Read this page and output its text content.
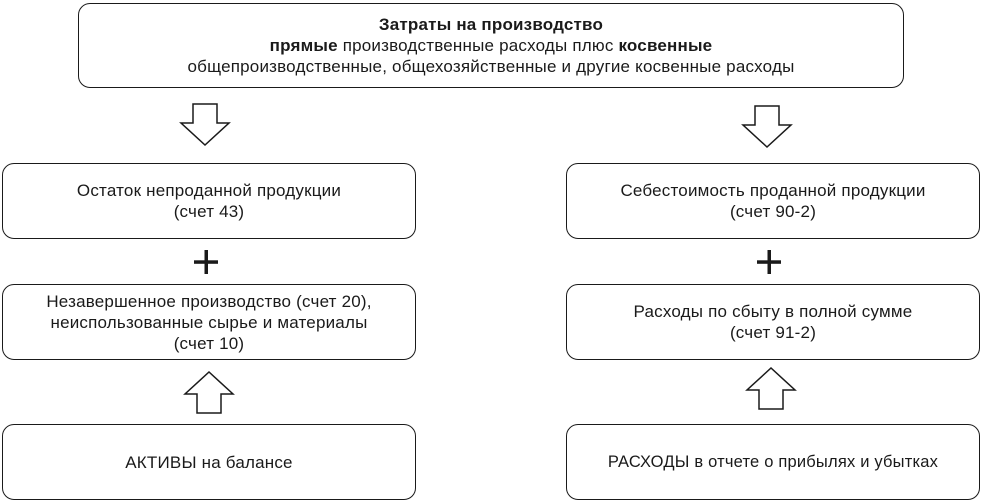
Затраты на производство
прямые производственные расходы плюс косвенные
общепроизводственные, общехозяйственные и другие косвенные расходы
Остаток непроданной продукции
(счет 43)
Незавершенное производство (счет 20),
неиспользованные сырье и материалы
(счет 10)
АКТИВЫ на балансе
Себестоимость проданной продукции
(счет 90-2)
Расходы по сбыту в полной сумме
(счет 91-2)
РАСХОДЫ в отчете о прибылях и убытках
